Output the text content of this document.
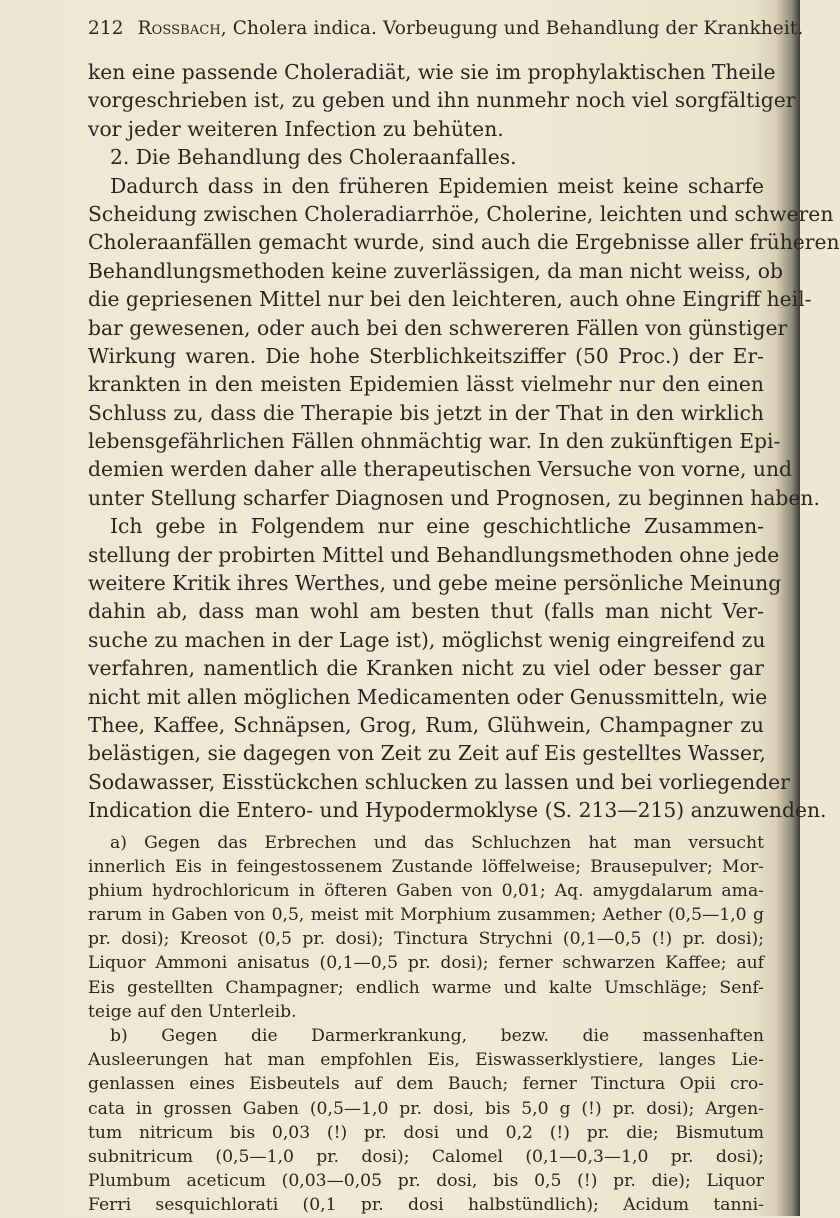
212 Rossbach, Cholera indica. Vorbeugung und Behandlung der Krankheit.
ken eine passende Choleradiät, wie sie im prophylaktischen Theile
vorgeschrieben ist, zu geben und ihn nunmehr noch viel sorgfältiger
vor jeder weiteren Infection zu behüten.
2. Die Behandlung des Choleraanfalles.
Dadurch dass in den früheren Epidemien meist keine scharfe
Scheidung zwischen Choleradiarrhöe, Cholerine, leichten und schweren
Choleraanfällen gemacht wurde, sind auch die Ergebnisse aller früheren
Behandlungsmethoden keine zuverlässigen, da man nicht weiss, ob
die gepriesenen Mittel nur bei den leichteren, auch ohne Eingriff heil-
bar gewesenen, oder auch bei den schwereren Fällen von günstiger
Wirkung waren. Die hohe Sterblichkeitsziffer (50 Proc.) der Er-
krankten in den meisten Epidemien lässt vielmehr nur den einen
Schluss zu, dass die Therapie bis jetzt in der That in den wirklich
lebensgefährlichen Fällen ohnmächtig war. In den zukünftigen Epi-
demien werden daher alle therapeutischen Versuche von vorne, und
unter Stellung scharfer Diagnosen und Prognosen, zu beginnen haben.
Ich gebe in Folgendem nur eine geschichtliche Zusammen-
stellung der probirten Mittel und Behandlungsmethoden ohne jede
weitere Kritik ihres Werthes, und gebe meine persönliche Meinung
dahin ab, dass man wohl am besten thut (falls man nicht Ver-
suche zu machen in der Lage ist), möglichst wenig eingreifend zu
verfahren, namentlich die Kranken nicht zu viel oder besser gar
nicht mit allen möglichen Medicamenten oder Genussmitteln, wie
Thee, Kaffee, Schnäpsen, Grog, Rum, Glühwein, Champagner zu
belästigen, sie dagegen von Zeit zu Zeit auf Eis gestelltes Wasser,
Sodawasser, Eisstückchen schlucken zu lassen und bei vorliegender
Indication die Entero- und Hypodermoklyse (S. 213—215) anzuwenden.
a) Gegen das Erbrechen und das Schluchzen hat man versucht
innerlich Eis in feingestossenem Zustande löffelweise; Brausepulver; Mor-
phium hydrochloricum in öfteren Gaben von 0,01; Aq. amygdalarum ama-
rarum in Gaben von 0,5, meist mit Morphium zusammen; Aether (0,5—1,0 g
pr. dosi); Kreosot (0,5 pr. dosi); Tinctura Strychni (0,1—0,5 (!) pr. dosi);
Liquor Ammoni anisatus (0,1—0,5 pr. dosi); ferner schwarzen Kaffee; auf
Eis gestellten Champagner; endlich warme und kalte Umschläge; Senf-
teige auf den Unterleib.
b) Gegen die Darmerkrankung, bezw. die massenhaften
Ausleerungen hat man empfohlen Eis, Eiswasserklystiere, langes Lie-
genlassen eines Eisbeutels auf dem Bauch; ferner Tinctura Opii cro-
cata in grossen Gaben (0,5—1,0 pr. dosi, bis 5,0 g (!) pr. dosi); Argen-
tum nitricum bis 0,03 (!) pr. dosi und 0,2 (!) pr. die; Bismutum
subnitricum (0,5—1,0 pr. dosi); Calomel (0,1—0,3—1,0 pr. dosi);
Plumbum aceticum (0,03—0,05 pr. dosi, bis 0,5 (!) pr. die); Liquor
Ferri sesquichlorati (0,1 pr. dosi halbstündlich); Acidum tanni-
